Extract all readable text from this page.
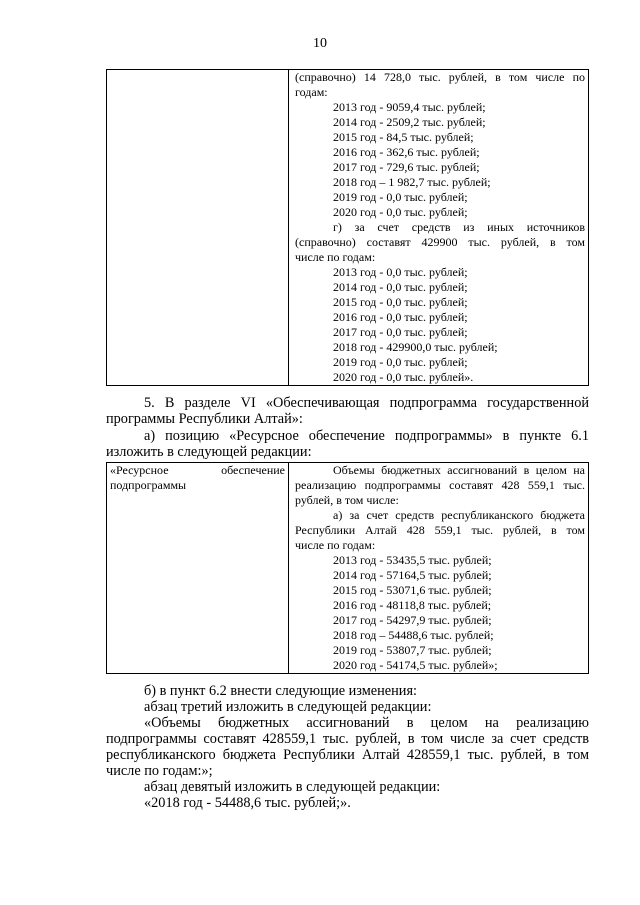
10

(справочно) 14 728,0 тыс. рублей, в том числе по
годам:
2013 год - 9059,4 тыс. рублей;
2014 год - 2509,2 тыс. рублей;
2015 год - 84,5 тыс. рублей;
2016 год - 362,6 тыс. рублей;
2017 год - 729,6 тыс. рублей;
2018 год – 1 982,7 тыс. рублей;
2019 год - 0,0 тыс. рублей;
2020 год - 0,0 тыс. рублей;
г) за счет средств из иных источников
(справочно) составят 429900 тыс. рублей, в том
числе по годам:
2013 год - 0,0 тыс. рублей;
2014 год - 0,0 тыс. рублей;
2015 год - 0,0 тыс. рублей;
2016 год - 0,0 тыс. рублей;
2017 год - 0,0 тыс. рублей;
2018 год - 429900,0 тыс. рублей;
2019 год - 0,0 тыс. рублей;
2020 год - 0,0 тыс. рублей».
5. В разделе VI «Обеспечивающая подпрограмма государственной
программы Республики Алтай»:
а) позицию «Ресурсное обеспечение подпрограммы» в пункте 6.1
изложить в следующей редакции:
«Ресурсное	обеспечение
подпрограммы

Объемы бюджетных ассигнований в целом на
реализацию подпрограммы составят 428 559,1 тыс.
рублей, в том числе:
а) за счет средств республиканского бюджета
Республики Алтай 428 559,1 тыс. рублей, в том
числе по годам:
2013 год - 53435,5 тыс. рублей;
2014 год - 57164,5 тыс. рублей;
2015 год - 53071,6 тыс. рублей;
2016 год - 48118,8 тыс. рублей;
2017 год - 54297,9 тыс. рублей;
2018 год – 54488,6 тыс. рублей;
2019 год - 53807,7 тыс. рублей;
2020 год - 54174,5 тыс. рублей»;
б) в пункт 6.2 внести следующие изменения:
абзац третий изложить в следующей редакции:
«Объемы бюджетных ассигнований в целом на реализацию
подпрограммы составят 428559,1 тыс. рублей, в том числе за счет средств
республиканского бюджета Республики Алтай 428559,1 тыс. рублей, в том
числе по годам:»;
абзац девятый изложить в следующей редакции:
«2018 год - 54488,6 тыс. рублей;».
